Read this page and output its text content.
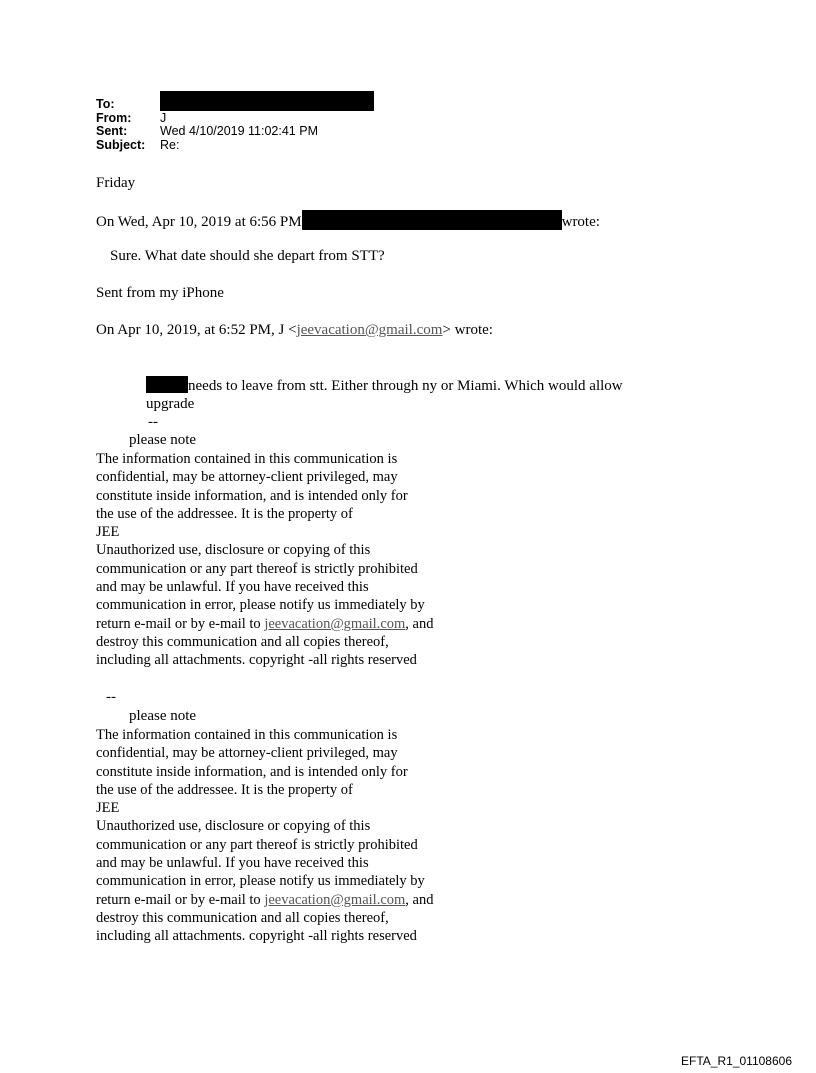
To:
From:	J
Sent:	Wed 4/10/2019 11:02:41 PM
Subject:	Re:
Friday
On Wed, Apr 10, 2019 at 6:56 PM	wrote:
Sure. What date should she depart from STT?
Sent from my iPhone
On Apr 10, 2019, at 6:52 PM, J <jeevacation@gmail.com> wrote:
needs to leave from stt. Either through ny or Miami. Which would allow
upgrade
--
please note
The information contained in this communication is
confidential, may be attorney-client privileged, may
constitute inside information, and is intended only for
the use of the addressee. It is the property of
JEE
Unauthorized use, disclosure or copying of this
communication or any part thereof is strictly prohibited
and may be unlawful. If you have received this
communication in error, please notify us immediately by
return e-mail or by e-mail to jeevacation@gmail.com, and
destroy this communication and all copies thereof,
including all attachments. copyright -all rights reserved
--
please note
The information contained in this communication is
confidential, may be attorney-client privileged, may
constitute inside information, and is intended only for
the use of the addressee. It is the property of
JEE
Unauthorized use, disclosure or copying of this
communication or any part thereof is strictly prohibited
and may be unlawful. If you have received this
communication in error, please notify us immediately by
return e-mail or by e-mail to jeevacation@gmail.com, and
destroy this communication and all copies thereof,
including all attachments. copyright -all rights reserved
EFTA_R1_01108606
